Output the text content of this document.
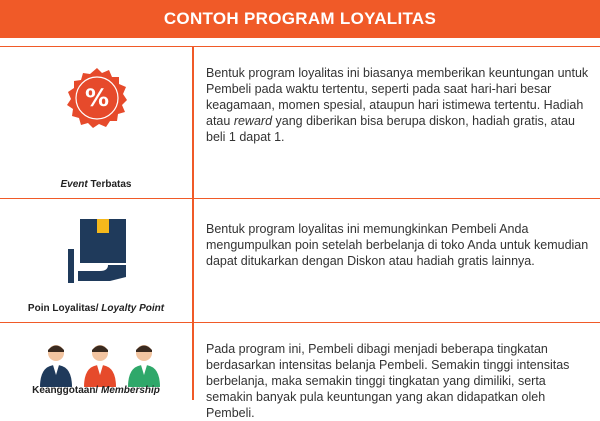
CONTOH PROGRAM LOYALITAS
%
Event Terbatas

Bentuk program loyalitas ini biasanya memberikan keuntungan untuk Pembeli pada waktu tertentu, seperti pada saat hari-hari besar keagamaan, momen spesial, ataupun hari istimewa tertentu. Hadiah atau reward yang diberikan bisa berupa diskon, hadiah gratis, atau beli 1 dapat 1.

Poin Loyalitas/ Loyalty Point

Bentuk program loyalitas ini memungkinkan Pembeli Anda mengumpulkan poin setelah berbelanja di toko Anda untuk kemudian dapat ditukarkan dengan Diskon atau hadiah gratis lainnya.

Keanggotaan/ Membership

Pada program ini, Pembeli dibagi menjadi beberapa tingkatan berdasarkan intensitas belanja Pembeli. Semakin tinggi intensitas berbelanja, maka semakin tinggi tingkatan yang dimiliki, serta semakin banyak pula keuntungan yang akan didapatkan oleh Pembeli.
